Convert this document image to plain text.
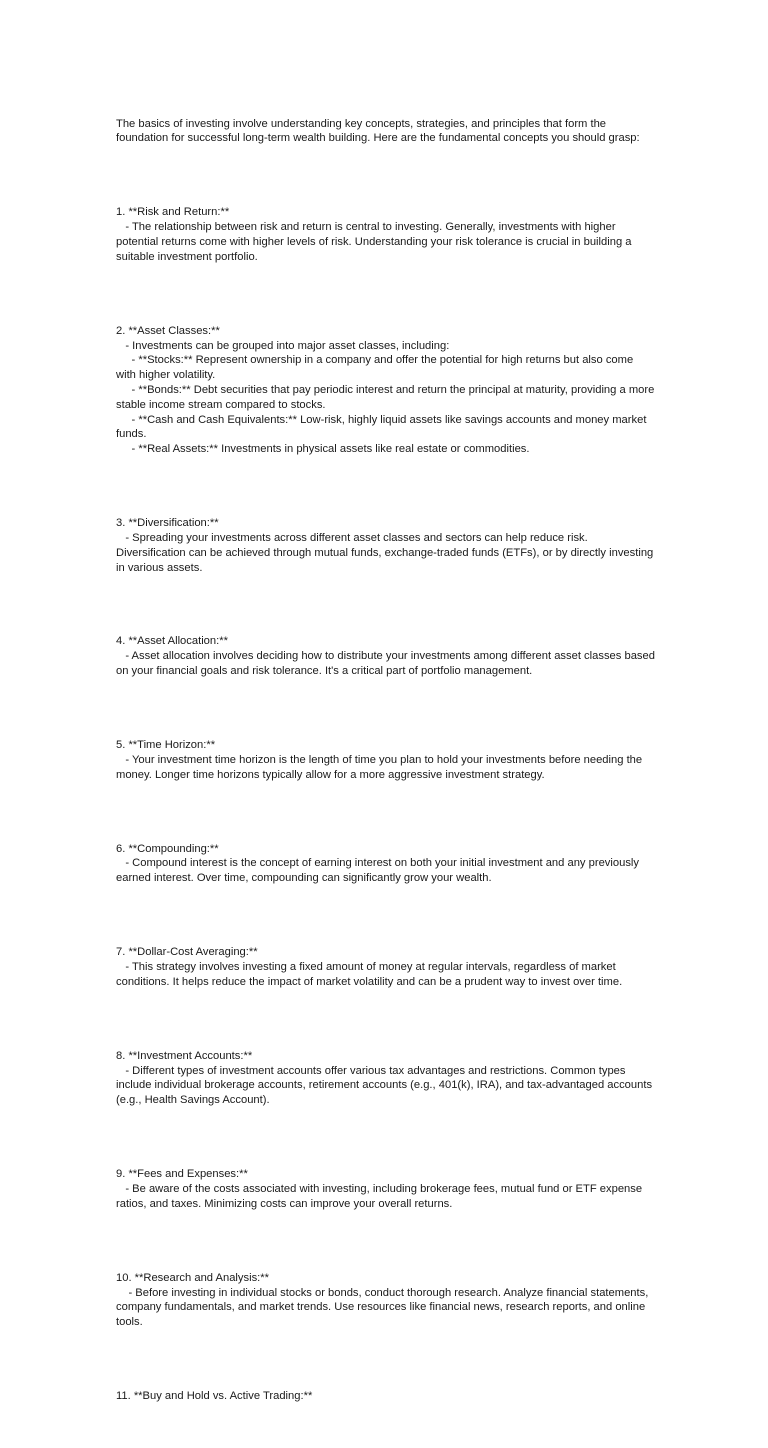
The basics of investing involve understanding key concepts, strategies, and principles that form the foundation for successful long-term wealth building. Here are the fundamental concepts you should grasp:

1. **Risk and Return:**
- The relationship between risk and return is central to investing. Generally, investments with higher potential returns come with higher levels of risk. Understanding your risk tolerance is crucial in building a suitable investment portfolio.

2. **Asset Classes:**
- Investments can be grouped into major asset classes, including:
- **Stocks:** Represent ownership in a company and offer the potential for high returns but also come with higher volatility.
- **Bonds:** Debt securities that pay periodic interest and return the principal at maturity, providing a more stable income stream compared to stocks.
- **Cash and Cash Equivalents:** Low-risk, highly liquid assets like savings accounts and money market funds.
- **Real Assets:** Investments in physical assets like real estate or commodities.

3. **Diversification:**
- Spreading your investments across different asset classes and sectors can help reduce risk. Diversification can be achieved through mutual funds, exchange-traded funds (ETFs), or by directly investing in various assets.

4. **Asset Allocation:**
- Asset allocation involves deciding how to distribute your investments among different asset classes based on your financial goals and risk tolerance. It's a critical part of portfolio management.

5. **Time Horizon:**
- Your investment time horizon is the length of time you plan to hold your investments before needing the money. Longer time horizons typically allow for a more aggressive investment strategy.

6. **Compounding:**
- Compound interest is the concept of earning interest on both your initial investment and any previously earned interest. Over time, compounding can significantly grow your wealth.

7. **Dollar-Cost Averaging:**
- This strategy involves investing a fixed amount of money at regular intervals, regardless of market conditions. It helps reduce the impact of market volatility and can be a prudent way to invest over time.

8. **Investment Accounts:**
- Different types of investment accounts offer various tax advantages and restrictions. Common types include individual brokerage accounts, retirement accounts (e.g., 401(k), IRA), and tax-advantaged accounts (e.g., Health Savings Account).

9. **Fees and Expenses:**
- Be aware of the costs associated with investing, including brokerage fees, mutual fund or ETF expense ratios, and taxes. Minimizing costs can improve your overall returns.

10. **Research and Analysis:**
- Before investing in individual stocks or bonds, conduct thorough research. Analyze financial statements, company fundamentals, and market trends. Use resources like financial news, research reports, and online tools.

11. **Buy and Hold vs. Active Trading:**
